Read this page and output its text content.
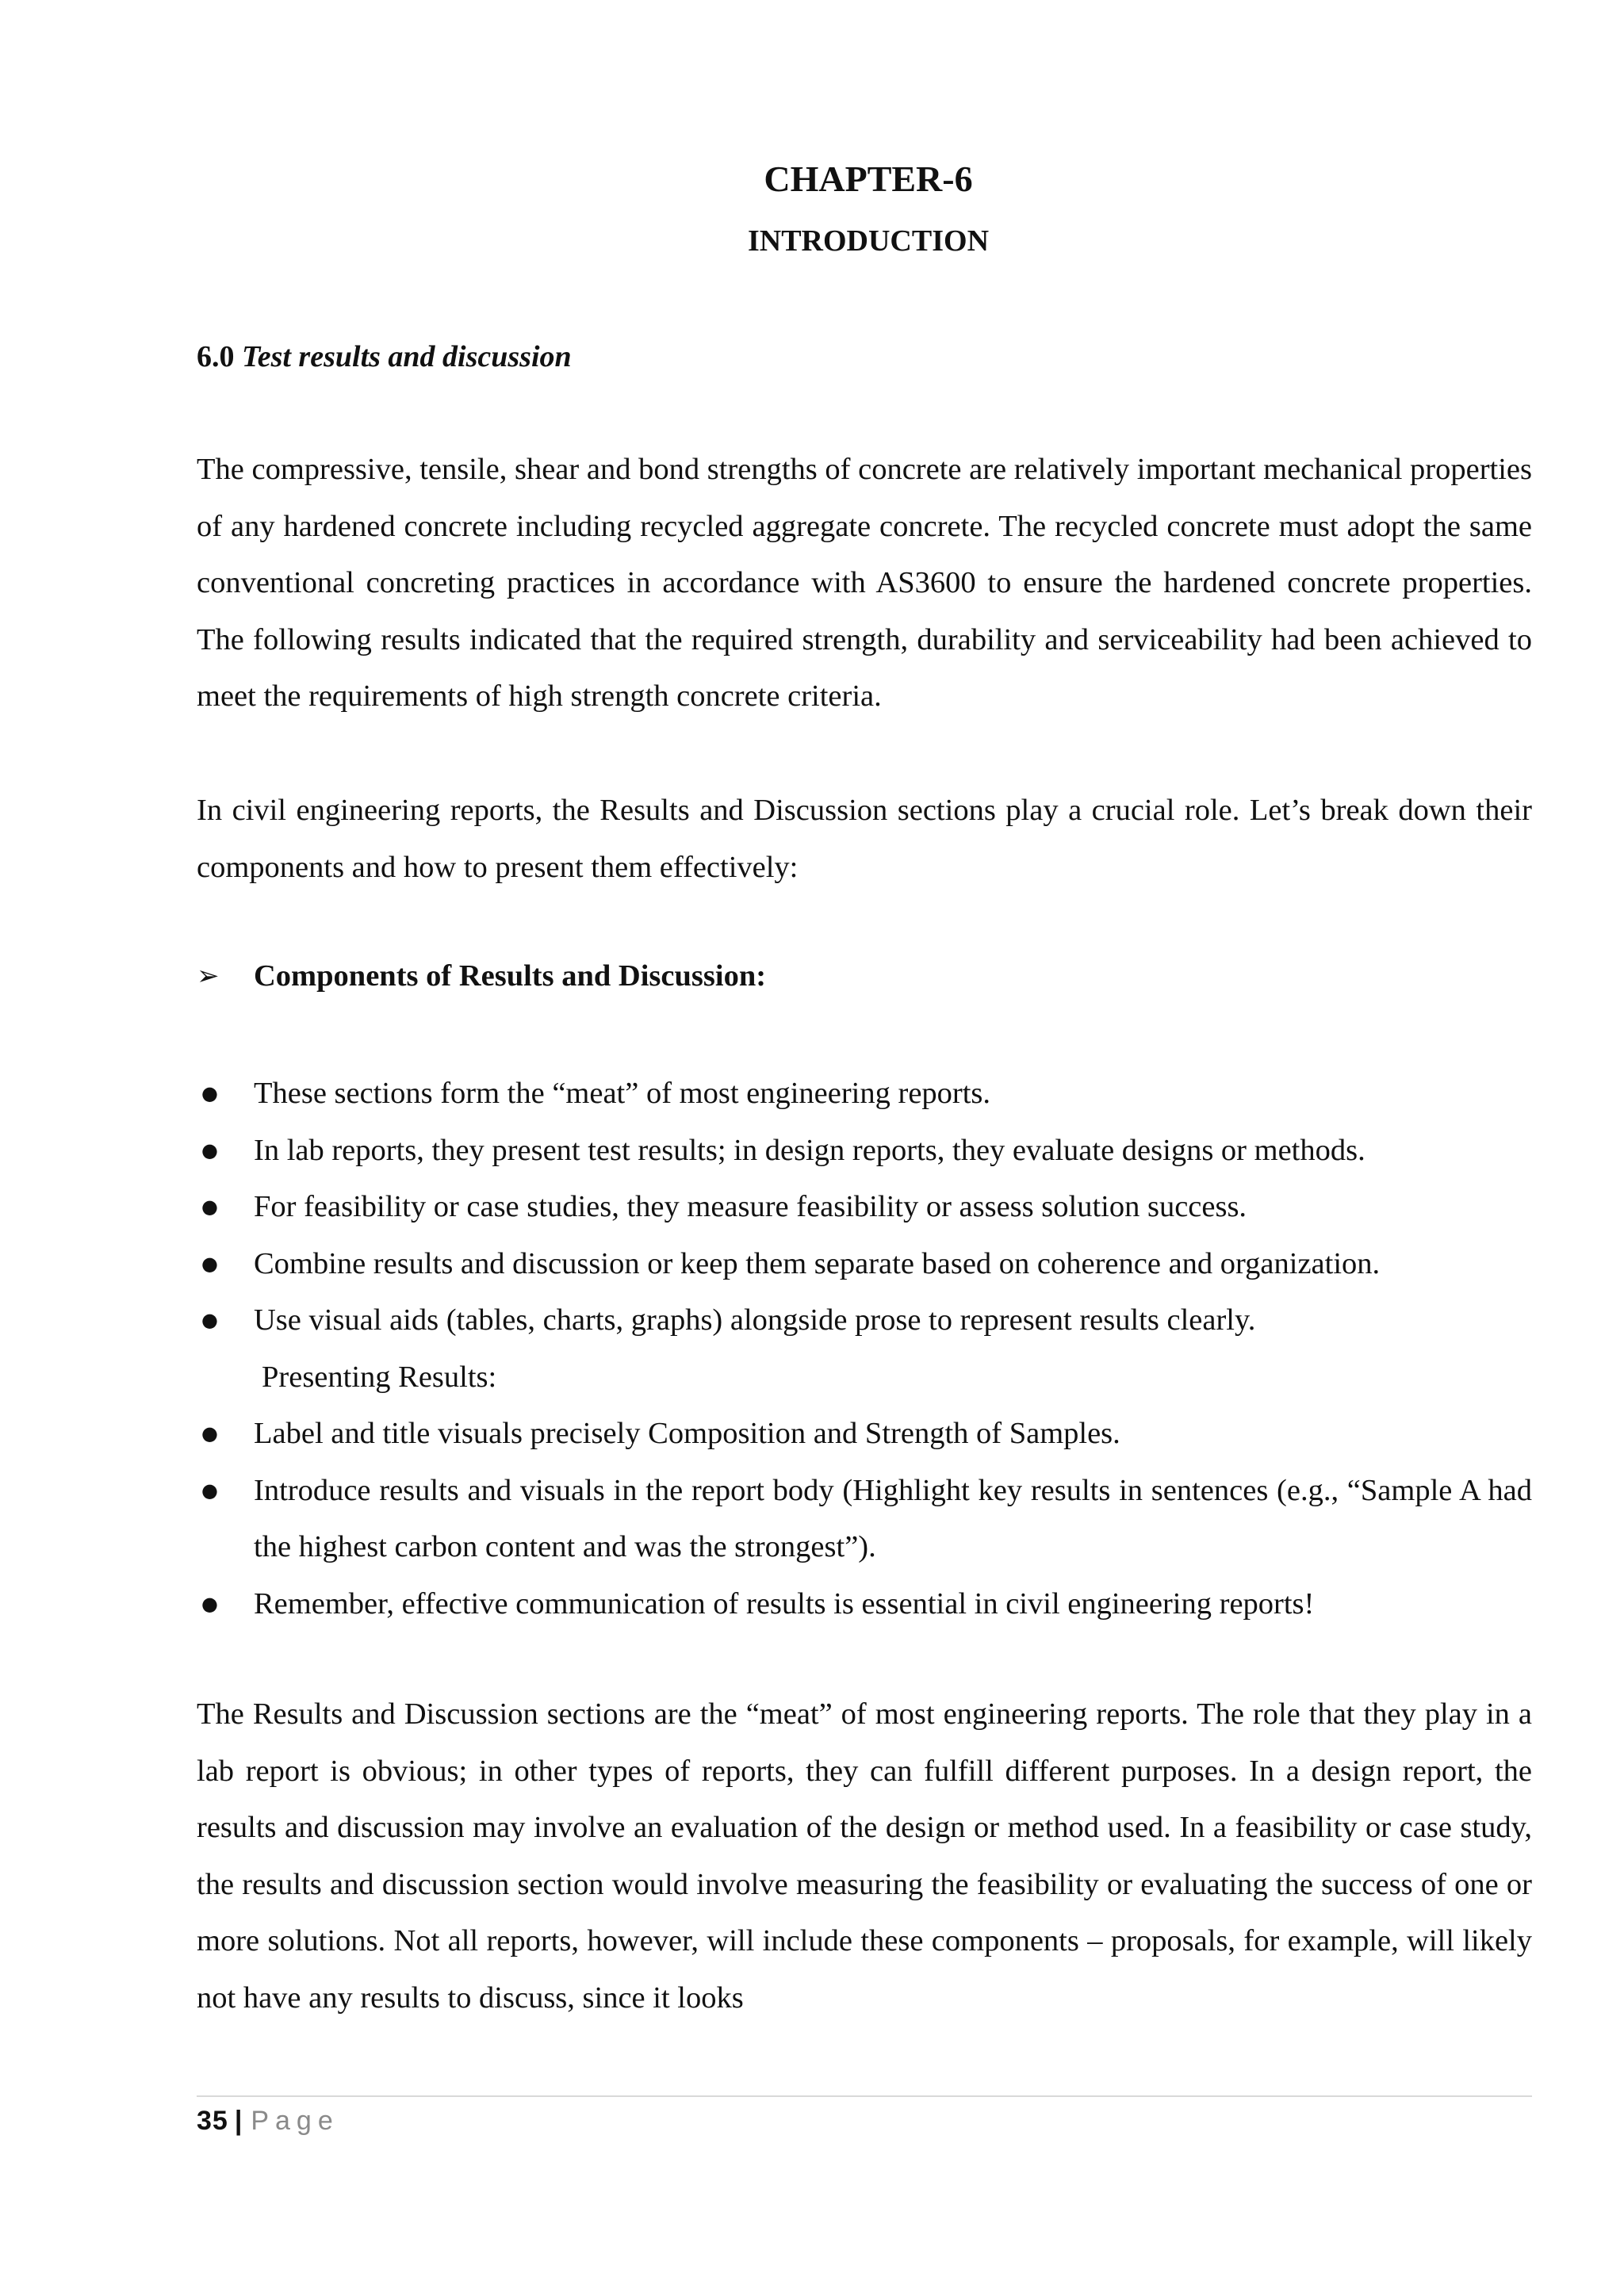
CHAPTER-6
INTRODUCTION
6.0 Test results and discussion

The compressive, tensile, shear and bond strengths of concrete are relatively important mechanical properties of any hardened concrete including recycled aggregate concrete. The recycled concrete must adopt the same conventional concreting practices in accordance with AS3600 to ensure the hardened concrete properties. The following results indicated that the required strength, durability and serviceability had been achieved to meet the requirements of high strength concrete criteria.

In civil engineering reports, the Results and Discussion sections play a crucial role. Let’s break down their components and how to present them effectively:

➢	Components of Results and Discussion:
● These sections form the “meat” of most engineering reports.
● In lab reports, they present test results; in design reports, they evaluate designs or methods.
● For feasibility or case studies, they measure feasibility or assess solution success.
● Combine results and discussion or keep them separate based on coherence and organization.
● Use visual aids (tables, charts, graphs) alongside prose to represent results clearly.
Presenting Results:
● Label and title visuals precisely Composition and Strength of Samples.
● Introduce results and visuals in the report body (Highlight key results in sentences (e.g., “Sample A had the highest carbon content and was the strongest”).
● Remember, effective communication of results is essential in civil engineering reports!

The Results and Discussion sections are the “meat” of most engineering reports. The role that they play in a lab report is obvious; in other types of reports, they can fulfill different purposes. In a design report, the results and discussion may involve an evaluation of the design or method used. In a feasibility or case study, the results and discussion section would involve measuring the feasibility or evaluating the success of one or more solutions. Not all reports, however, will include these components – proposals, for example, will likely not have any results to discuss, since it looks

35 | Page
